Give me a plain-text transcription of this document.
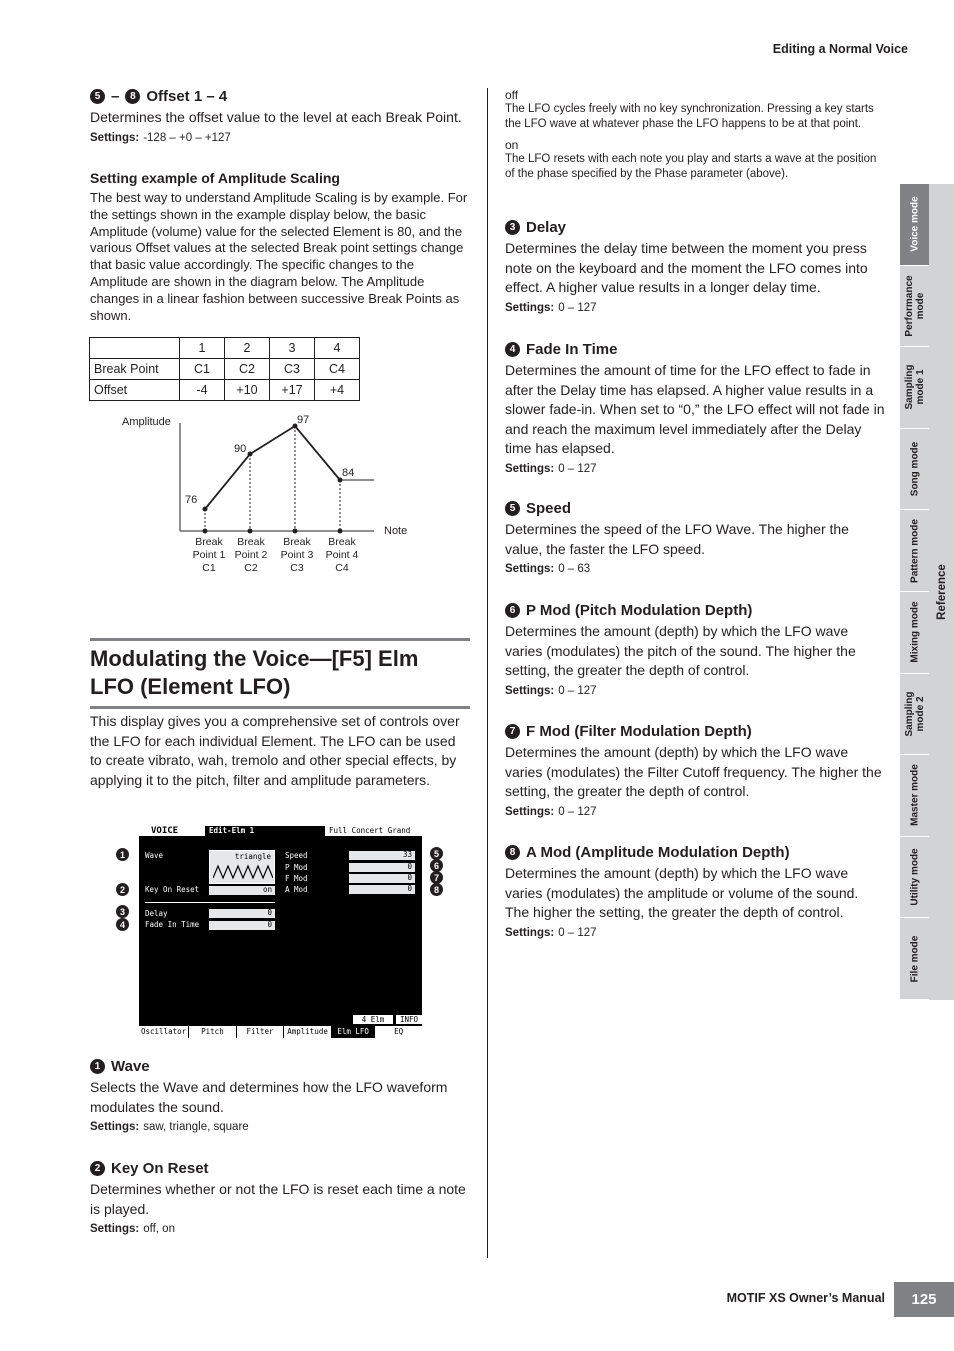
Editing a Normal Voice
5 –	8 Offset 1 – 4
Determines the offset value to the level at each Break Point.
Settings: -128 – +0 – +127
Setting example of Amplitude Scaling
The best way to understand Amplitude Scaling is by example. For the settings shown in the example display below, the basic Amplitude (volume) value for the selected Element is 80, and the various Offset values at the selected Break point settings change that basic value accordingly. The specific changes to the Amplitude are shown in the diagram below. The Amplitude changes in a linear fashion between successive Break Points as shown.
	1	2	3	4
Break Point	C1	C2	C3	C4
Offset	-4	+10	+17	+4
Amplitude
Note
76
90
97
84
Break
Point 1
C1
Break
Point 2
C2
Break
Point 3
C3
Break
Point 4
C4
Modulating the Voice—[F5] Elm
LFO (Element LFO)
This display gives you a comprehensive set of controls over the LFO for each individual Element. The LFO can be used to create vibrato, wah, tremolo and other special effects, by applying it to the pitch, filter and amplitude parameters.
VOICE	Edit-Elm 1	Full Concert Grand
Wave	triangle
Key On Reset	on
Delay	0
Fade In Time	0
Speed	33
P Mod	0
F Mod	0
A Mod	0
4 Elm	INFO
Oscillator	Pitch	Filter	Amplitude	Elm LFO	EQ
1
2
3
4
5
6
7
8
1 Wave
Selects the Wave and determines how the LFO waveform modulates the sound.
Settings: saw, triangle, square
2 Key On Reset
Determines whether or not the LFO is reset each time a note is played.
Settings: off, on
off
The LFO cycles freely with no key synchronization. Pressing a key starts the LFO wave at whatever phase the LFO happens to be at that point.
on
The LFO resets with each note you play and starts a wave at the position of the phase specified by the Phase parameter (above).
3 Delay
Determines the delay time between the moment you press note on the keyboard and the moment the LFO comes into effect. A higher value results in a longer delay time.
Settings: 0 – 127
4 Fade In Time
Determines the amount of time for the LFO effect to fade in after the Delay time has elapsed. A higher value results in a slower fade-in. When set to “0,” the LFO effect will not fade in and reach the maximum level immediately after the Delay time has elapsed.
Settings: 0 – 127
5 Speed
Determines the speed of the LFO Wave. The higher the value, the faster the LFO speed.
Settings: 0 – 63
6 P Mod (Pitch Modulation Depth)
Determines the amount (depth) by which the LFO wave varies (modulates) the pitch of the sound. The higher the setting, the greater the depth of control.
Settings: 0 – 127
7 F Mod (Filter Modulation Depth)
Determines the amount (depth) by which the LFO wave varies (modulates) the Filter Cutoff frequency. The higher the setting, the greater the depth of control.
Settings: 0 – 127
8 A Mod (Amplitude Modulation Depth)
Determines the amount (depth) by which the LFO wave varies (modulates) the amplitude or volume of the sound. The higher the setting, the greater the depth of control.
Settings: 0 – 127
Voice mode
Performance mode
Sampling mode 1
Song mode
Pattern mode
Mixing mode
Sampling mode 2
Master mode
Utility mode
File mode
Reference
MOTIF XS Owner’s Manual	125
